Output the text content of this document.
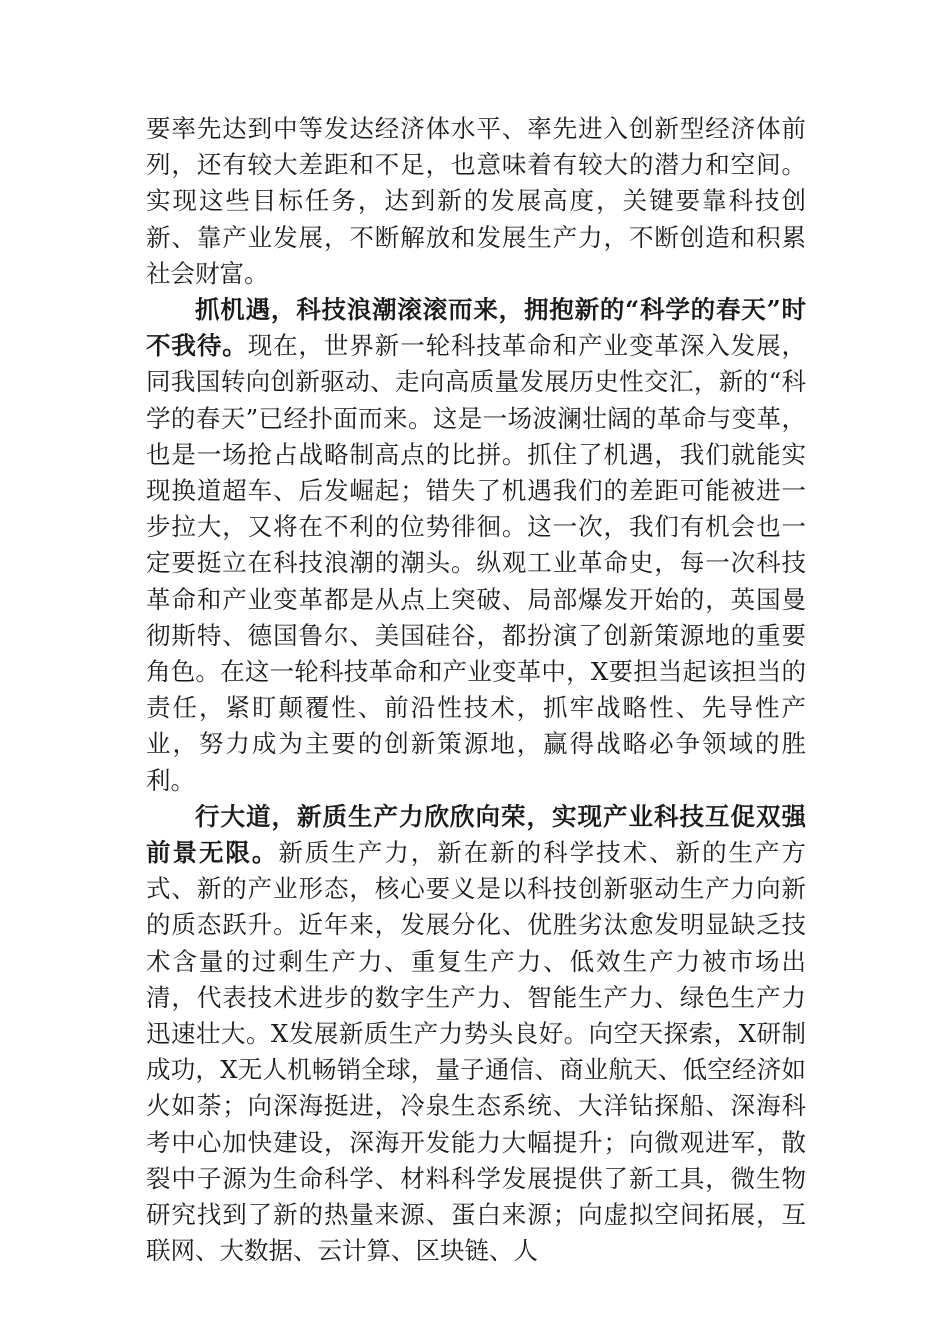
要率先达到中等发达经济体水平、率先进入创新型经济体前列，还有较大差距和不足，也意味着有较大的潜力和空间。实现这些目标任务，达到新的发展高度，关键要靠科技创新、靠产业发展，不断解放和发展生产力，不断创造和积累社会财富。

抓机遇，科技浪潮滚滚而来，拥抱新的“科学的春天”时不我待。现在，世界新一轮科技革命和产业变革深入发展，同我国转向创新驱动、走向高质量发展历史性交汇，新的“科学的春天”已经扑面而来。这是一场波澜壮阔的革命与变革，也是一场抢占战略制高点的比拼。抓住了机遇，我们就能实现换道超车、后发崛起；错失了机遇我们的差距可能被进一步拉大，又将在不利的位势徘徊。这一次，我们有机会也一定要挺立在科技浪潮的潮头。纵观工业革命史，每一次科技革命和产业变革都是从点上突破、局部爆发开始的，英国曼彻斯特、德国鲁尔、美国硅谷，都扮演了创新策源地的重要角色。在这一轮科技革命和产业变革中，X要担当起该担当的责任，紧盯颠覆性、前沿性技术，抓牢战略性、先导性产业，努力成为主要的创新策源地，赢得战略必争领域的胜利。

行大道，新质生产力欣欣向荣，实现产业科技互促双强前景无限。新质生产力，新在新的科学技术、新的生产方式、新的产业形态，核心要义是以科技创新驱动生产力向新的质态跃升。近年来，发展分化、优胜劣汰愈发明显缺乏技术含量的过剩生产力、重复生产力、低效生产力被市场出清，代表技术进步的数字生产力、智能生产力、绿色生产力迅速壮大。X发展新质生产力势头良好。向空天探索，X研制成功，X无人机畅销全球，量子通信、商业航天、低空经济如火如荼；向深海挺进，冷泉生态系统、大洋钻探船、深海科考中心加快建设，深海开发能力大幅提升；向微观进军，散裂中子源为生命科学、材料科学发展提供了新工具，微生物研究找到了新的热量来源、蛋白来源；向虚拟空间拓展，互联网、大数据、云计算、区块链、人
